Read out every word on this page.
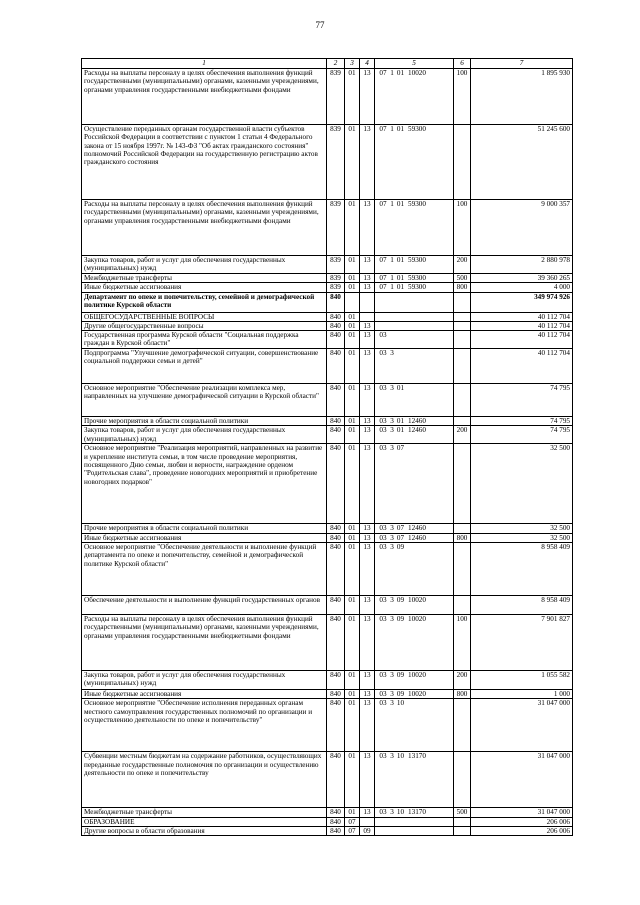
77
1	2	3	4	5	6	7
Расходы на выплаты персоналу в целях обеспечения выполнения функций государственными (муниципальными) органами, казенными учреждениями, органами управления государственными внебюджетными фондами	839	01	13	07 1 01 10020	100	1 895 930
Осуществление переданных органам государственной власти субъектов Российской Федерации в соответствии с пунктом 1 статьи 4 Федерального закона от 15 ноября 1997г. № 143-ФЗ "Об актах гражданского состояния" полномочий Российской Федерации на государственную регистрацию актов гражданского состояния	839	01	13	07 1 01 59300		51 245 600
Расходы на выплаты персоналу в целях обеспечения выполнения функций государственными (муниципальными) органами, казенными учреждениями, органами управления государственными внебюджетными фондами	839	01	13	07 1 01 59300	100	9 000 357
Закупка товаров, работ и услуг для обеспечения государственных (муниципальных) нужд	839	01	13	07 1 01 59300	200	2 880 978
Межбюджетные трансферты	839	01	13	07 1 01 59300	500	39 360 265
Иные бюджетные ассигнования	839	01	13	07 1 01 59300	800	4 000
Департамент по опеке и попечительству, семейной и демографической политике Курской области	840					349 974 926
ОБЩЕГОСУДАРСТВЕННЫЕ ВОПРОСЫ	840	01				40 112 704
Другие общегосударственные вопросы	840	01	13			40 112 704
Государственная программа Курской области "Социальная поддержка граждан в Курской области"	840	01	13	03		40 112 704
Подпрограмма "Улучшение демографической ситуации, совершенствование социальной поддержки семьи и детей"	840	01	13	03 3		40 112 704
Основное мероприятие "Обеспечение реализации комплекса мер, направленных на улучшение демографической ситуации в Курской области"	840	01	13	03 3 01		74 795
Прочие мероприятия в области социальной политики	840	01	13	03 3 01 12460		74 795
Закупка товаров, работ и услуг для обеспечения государственных (муниципальных) нужд	840	01	13	03 3 01 12460	200	74 795
Основное мероприятие "Реализация мероприятий, направленных на развитие и укрепление института семьи, в том числе проведение мероприятия, посвященного Дню семьи, любви и верности, награждение орденом "Родительская слава", проведение новогодних мероприятий и приобретение новогодних подарков"	840	01	13	03 3 07		32 500
Прочие мероприятия в области социальной политики	840	01	13	03 3 07 12460		32 500
Иные бюджетные ассигнования	840	01	13	03 3 07 12460	800	32 500
Основное мероприятие "Обеспечение деятельности и выполнение функций департамента по опеке и попечительству, семейной и демографической политике Курской области"	840	01	13	03 3 09		8 958 409
Обеспечение деятельности и выполнение функций государственных органов	840	01	13	03 3 09 10020		8 958 409
Расходы на выплаты персоналу в целях обеспечения выполнения функций государственными (муниципальными) органами, казенными учреждениями, органами управления государственными внебюджетными фондами	840	01	13	03 3 09 10020	100	7 901 827
Закупка товаров, работ и услуг для обеспечения государственных (муниципальных) нужд	840	01	13	03 3 09 10020	200	1 055 582
Иные бюджетные ассигнования	840	01	13	03 3 09 10020	800	1 000
Основное мероприятие "Обеспечение исполнения переданных органам местного самоуправления государственных полномочий по организации и осуществлению деятельности по опеке и попечительству"	840	01	13	03 3 10		31 047 000
Субвенции местным бюджетам на содержание работников, осуществляющих переданные государственные полномочия по организации и осуществлению деятельности по опеке и попечительству	840	01	13	03 3 10 13170		31 047 000
Межбюджетные трансферты	840	01	13	03 3 10 13170	500	31 047 000
ОБРАЗОВАНИЕ	840	07				206 006
Другие вопросы в области образования	840	07	09			206 006
